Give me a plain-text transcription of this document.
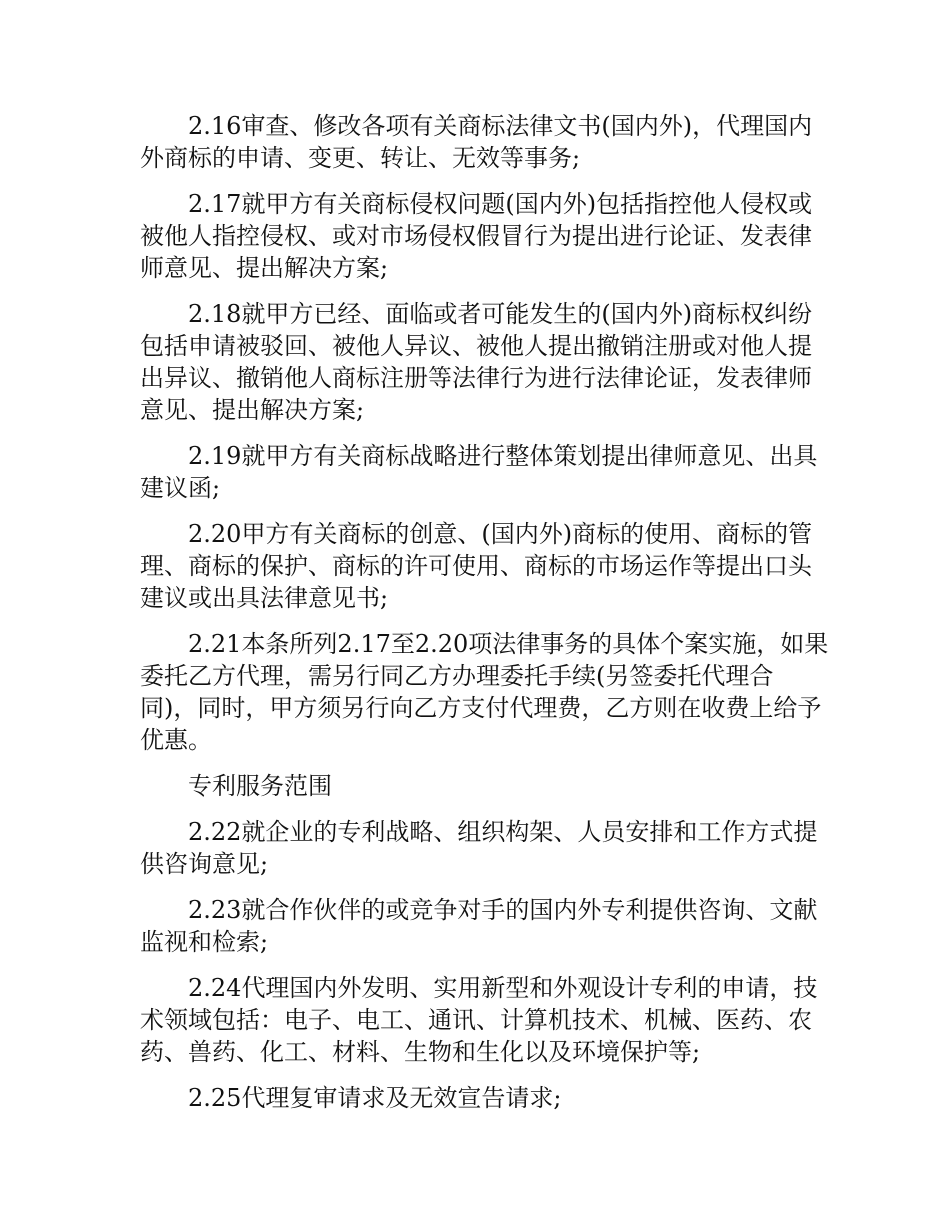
2.16审查、修改各项有关商标法律文书(国内外)，代理国内外商标的申请、变更、转让、无效等事务;

2.17就甲方有关商标侵权问题(国内外)包括指控他人侵权或被他人指控侵权、或对市场侵权假冒行为提出进行论证、发表律师意见、提出解决方案;

2.18就甲方已经、面临或者可能发生的(国内外)商标权纠纷包括申请被驳回、被他人异议、被他人提出撤销注册或对他人提出异议、撤销他人商标注册等法律行为进行法律论证，发表律师意见、提出解决方案;

2.19就甲方有关商标战略进行整体策划提出律师意见、出具建议函;

2.20甲方有关商标的创意、(国内外)商标的使用、商标的管理、商标的保护、商标的许可使用、商标的市场运作等提出口头建议或出具法律意见书;

2.21本条所列2.17至2.20项法律事务的具体个案实施，如果委托乙方代理，需另行同乙方办理委托手续(另签委托代理合同)，同时，甲方须另行向乙方支付代理费，乙方则在收费上给予优惠。

专利服务范围

2.22就企业的专利战略、组织构架、人员安排和工作方式提供咨询意见;

2.23就合作伙伴的或竞争对手的国内外专利提供咨询、文献监视和检索;

2.24代理国内外发明、实用新型和外观设计专利的申请，技术领域包括：电子、电工、通讯、计算机技术、机械、医药、农药、兽药、化工、材料、生物和生化以及环境保护等;

2.25代理复审请求及无效宣告请求;
